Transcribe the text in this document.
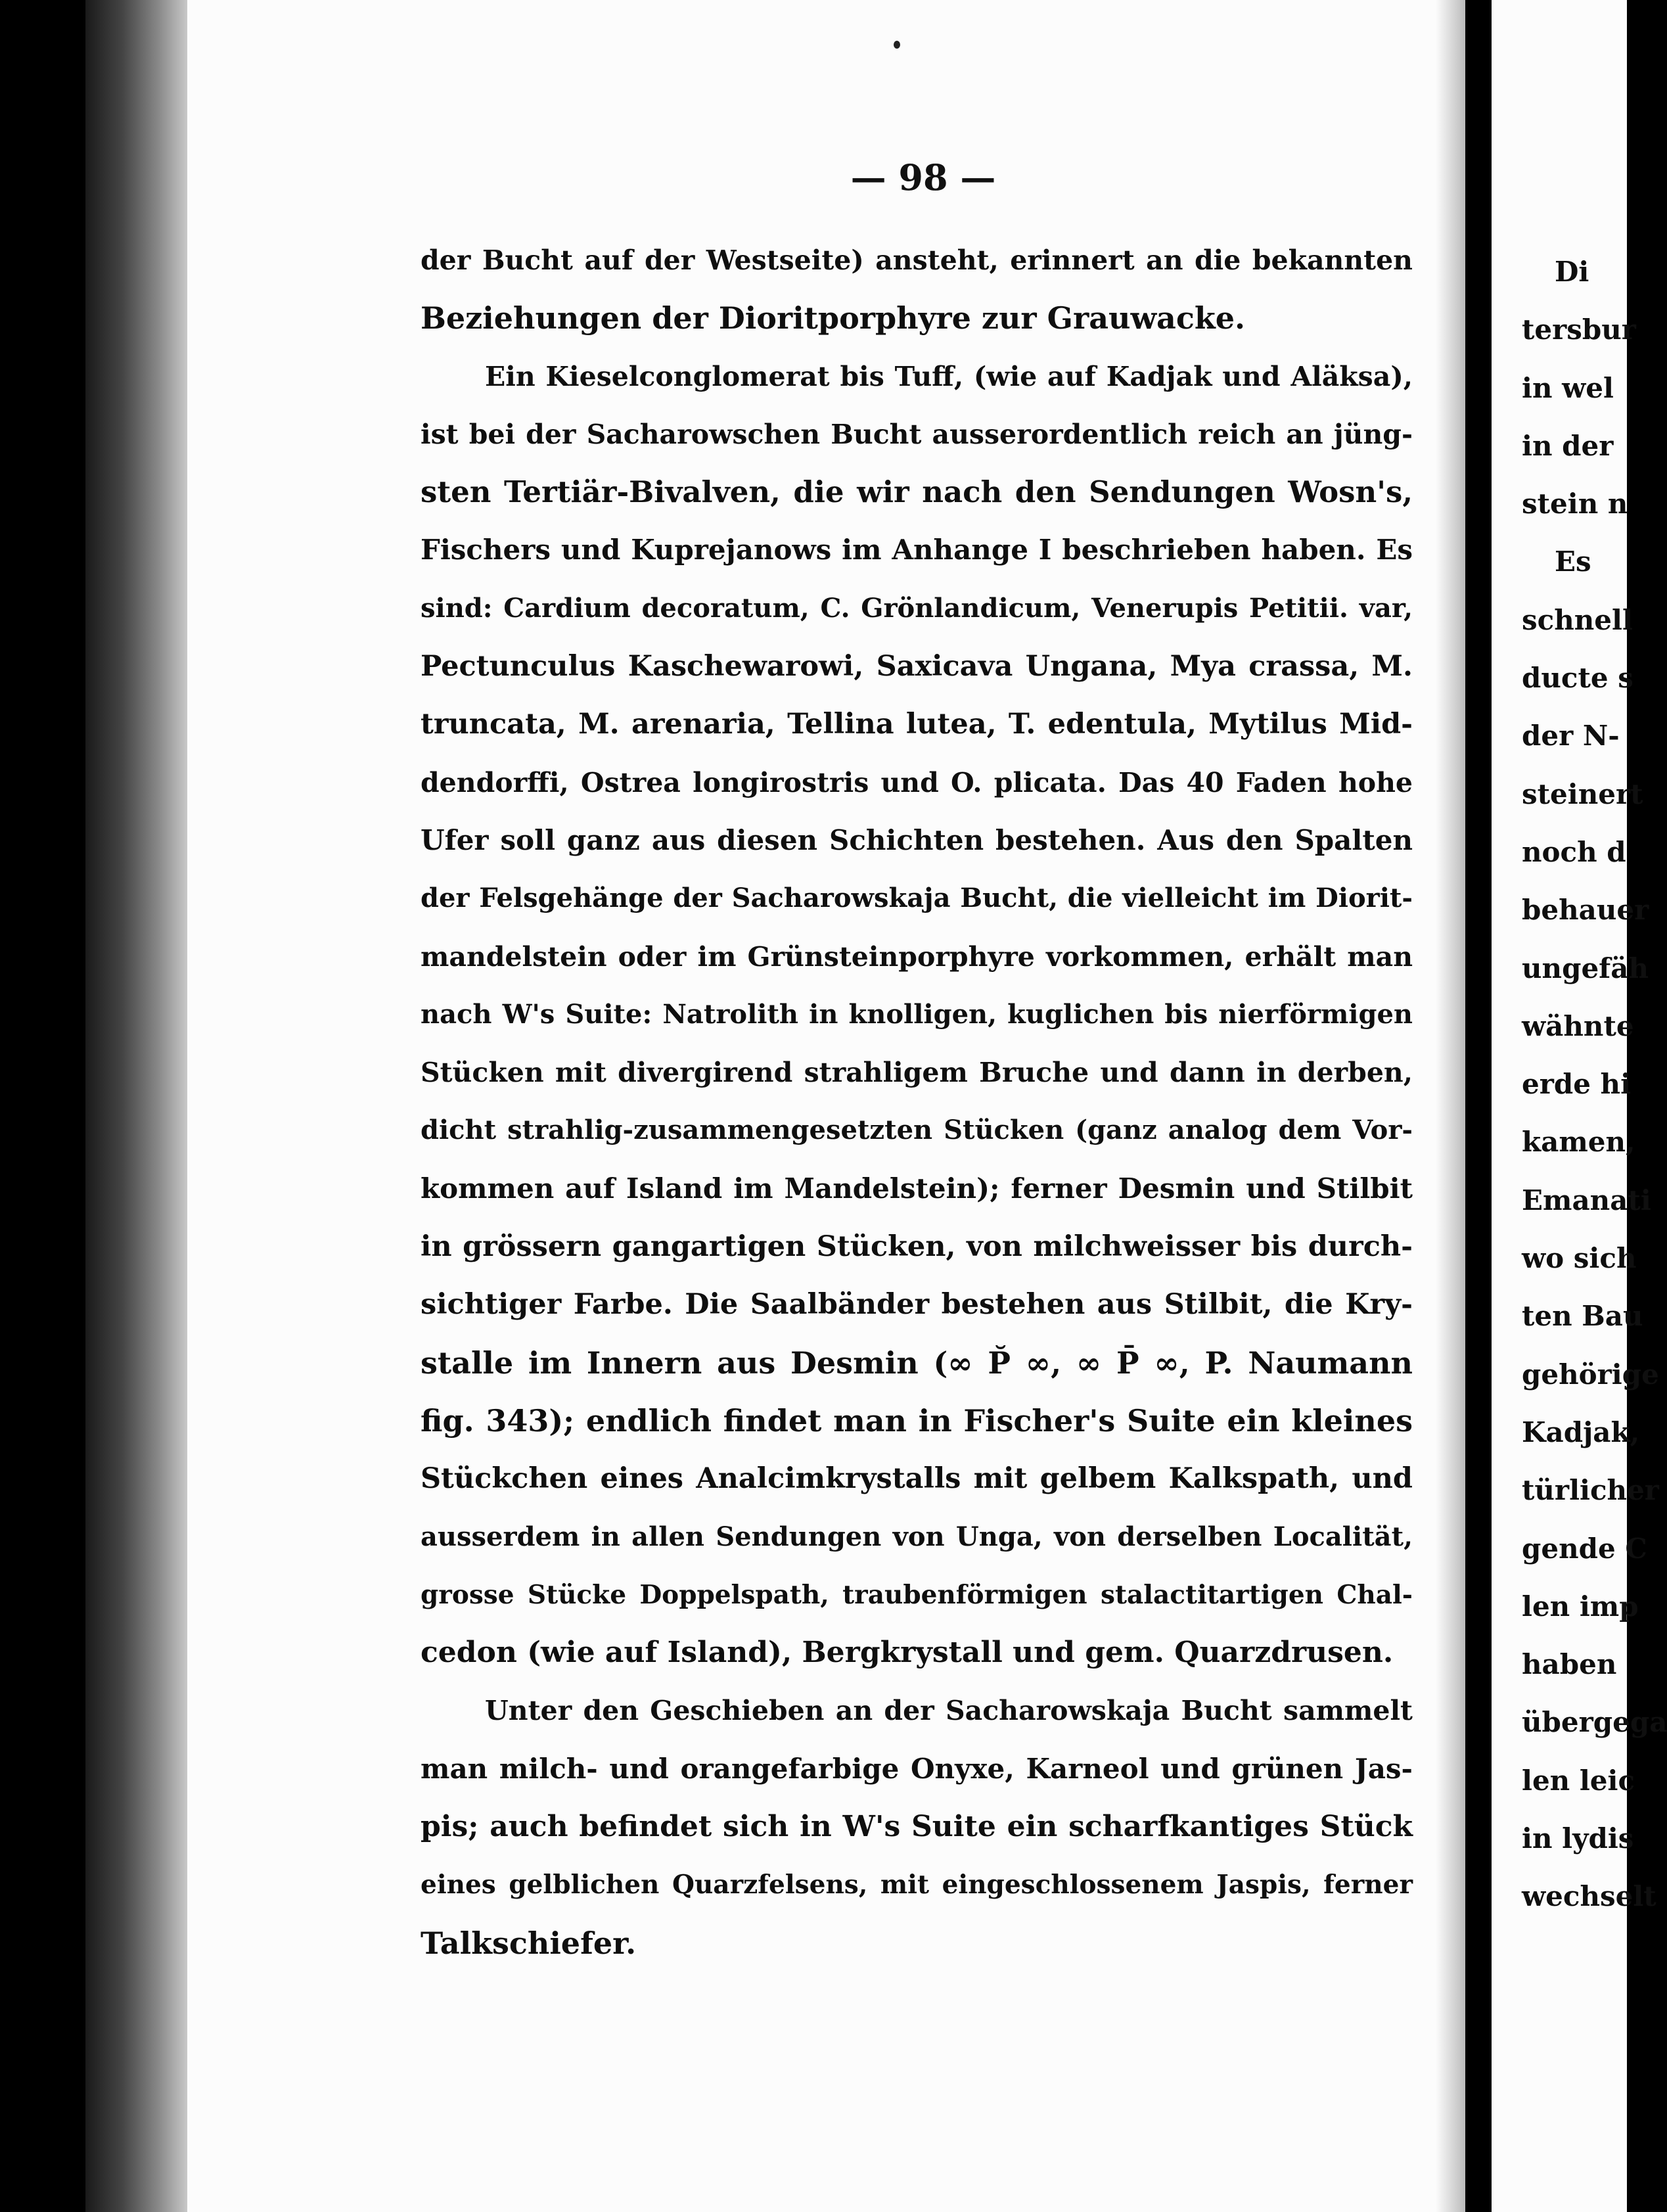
— 98 —
der Bucht auf der Westseite) ansteht, erinnert an die bekannten
Beziehungen der Dioritporphyre zur Grauwacke.
Ein Kieselconglomerat bis Tuff, (wie auf Kadjak und Aläksa),
ist bei der Sacharowschen Bucht ausserordentlich reich an jüng-
sten Tertiär-Bivalven, die wir nach den Sendungen Wosn's,
Fischers und Kuprejanows im Anhange I beschrieben haben. Es
sind: Cardium decoratum, C. Grönlandicum, Venerupis Petitii. var,
Pectunculus Kaschewarowi, Saxicava Ungana, Mya crassa, M.
truncata, M. arenaria, Tellina lutea, T. edentula, Mytilus Mid-
dendorffi, Ostrea longirostris und O. plicata. Das 40 Faden hohe
Ufer soll ganz aus diesen Schichten bestehen. Aus den Spalten
der Felsgehänge der Sacharowskaja Bucht, die vielleicht im Diorit-
mandelstein oder im Grünsteinporphyre vorkommen, erhält man
nach W's Suite: Natrolith in knolligen, kuglichen bis nierförmigen
Stücken mit divergirend strahligem Bruche und dann in derben,
dicht strahlig-zusammengesetzten Stücken (ganz analog dem Vor-
kommen auf Island im Mandelstein); ferner Desmin und Stilbit
in grössern gangartigen Stücken, von milchweisser bis durch-
sichtiger Farbe. Die Saalbänder bestehen aus Stilbit, die Kry-
stalle im Innern aus Desmin (∞ P̆ ∞, ∞ P̄ ∞, P. Naumann
fig. 343); endlich findet man in Fischer's Suite ein kleines
Stückchen eines Analcimkrystalls mit gelbem Kalkspath, und
ausserdem in allen Sendungen von Unga, von derselben Localität,
grosse Stücke Doppelspath, traubenförmigen stalactitartigen Chal-
cedon (wie auf Island), Bergkrystall und gem. Quarzdrusen.
Unter den Geschieben an der Sacharowskaja Bucht sammelt
man milch- und orangefarbige Onyxe, Karneol und grünen Jas-
pis; auch befindet sich in W's Suite ein scharfkantiges Stück
eines gelblichen Quarzfelsens, mit eingeschlossenem Jaspis, ferner
Talkschiefer.
Di
tersbur
in wel
in der
stein n
Es
schnell
ducte s
der N-
steinert
noch d
behauer
ungefäh
wähnte
erde hi
kamen,
Emanati
wo sich
ten Bau
gehörige
Kadjak,
türlicher
gende C
len imp
haben
übergega
len leic
in lydis
wechselt
